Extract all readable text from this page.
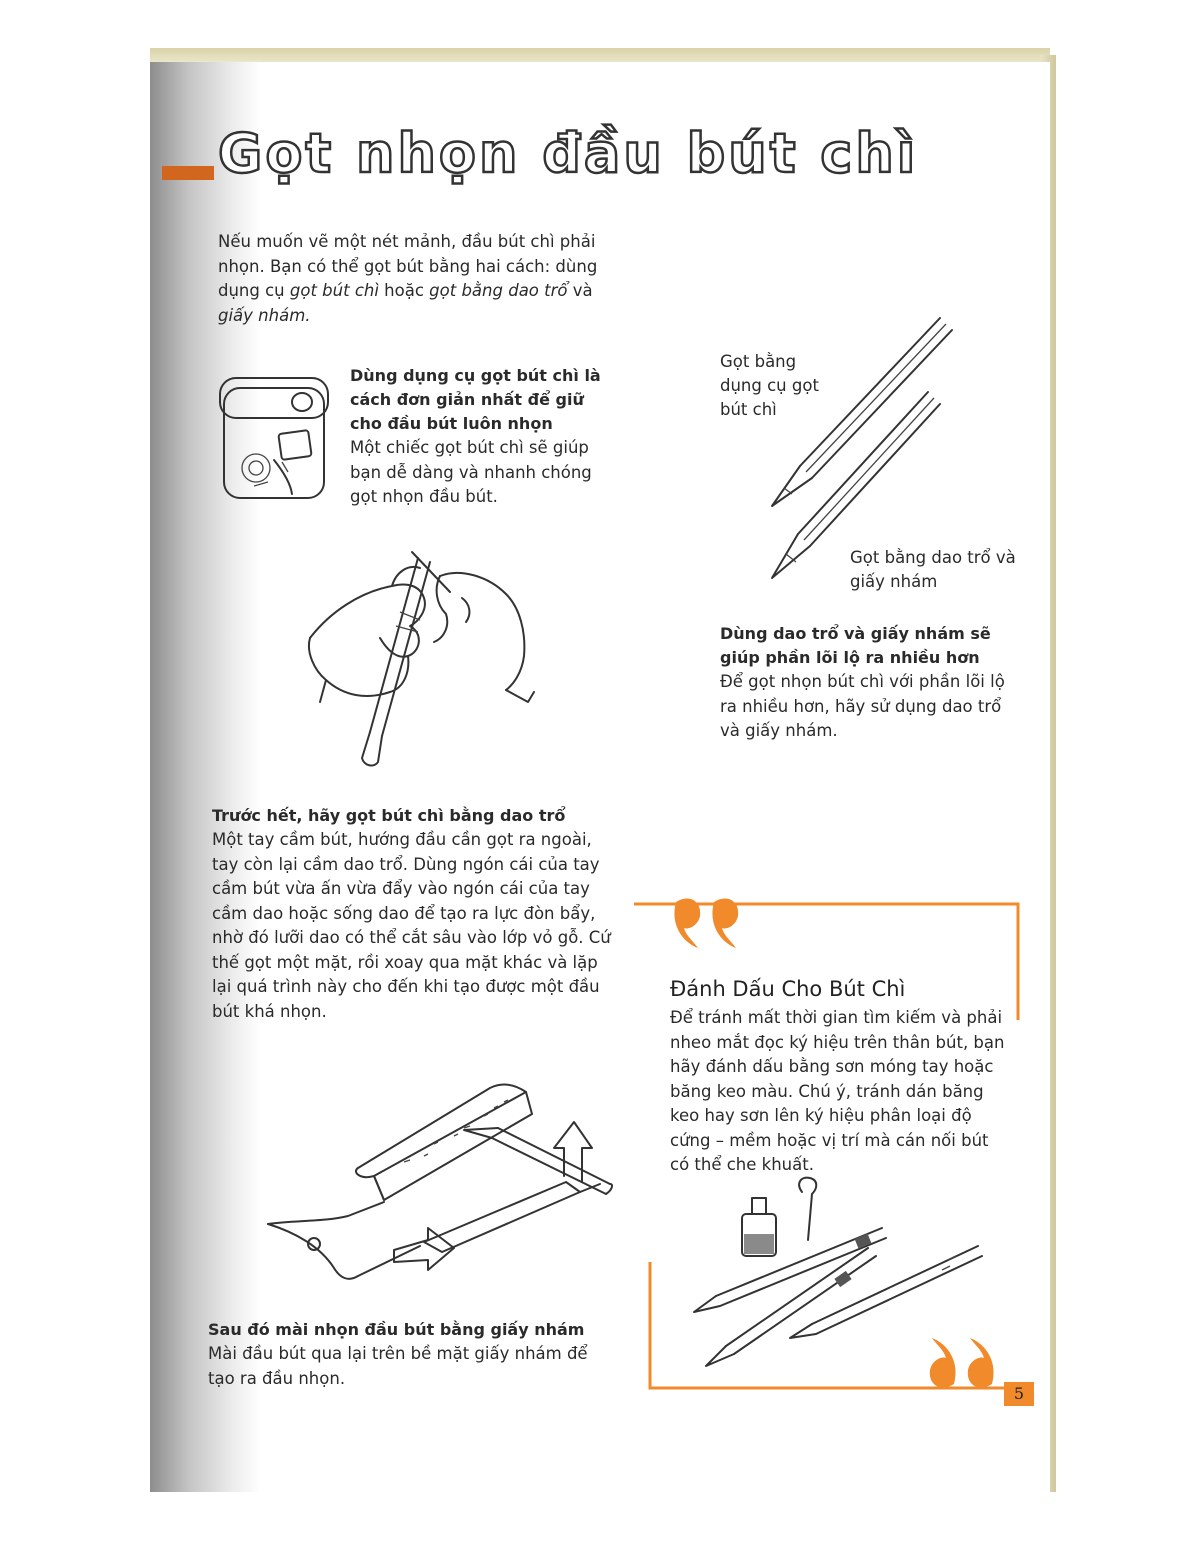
Gọt nhọn đầu bút chì
Nếu muốn vẽ một nét mảnh, đầu bút chì phải nhọn. Bạn có thể gọt bút bằng hai cách: dùng dụng cụ gọt bút chì hoặc gọt bằng dao trổ và giấy nhám.
Dùng dụng cụ gọt bút chì là cách đơn giản nhất để giữ cho đầu bút luôn nhọn
Một chiếc gọt bút chì sẽ giúp bạn dễ dàng và nhanh chóng gọt nhọn đầu bút.
Gọt bằng dụng cụ gọt bút chì
Gọt bằng dao trổ và giấy nhám
Dùng dao trổ và giấy nhám sẽ giúp phần lõi lộ ra nhiều hơn
Để gọt nhọn bút chì với phần lõi lộ ra nhiều hơn, hãy sử dụng dao trổ và giấy nhám.
Trước hết, hãy gọt bút chì bằng dao trổ
Một tay cầm bút, hướng đầu cần gọt ra ngoài, tay còn lại cầm dao trổ. Dùng ngón cái của tay cầm bút vừa ấn vừa đẩy vào ngón cái của tay cầm dao hoặc sống dao để tạo ra lực đòn bẩy, nhờ đó lưỡi dao có thể cắt sâu vào lớp vỏ gỗ. Cứ thế gọt một mặt, rồi xoay qua mặt khác và lặp lại quá trình này cho đến khi tạo được một đầu bút khá nhọn.
Sau đó mài nhọn đầu bút bằng giấy nhám
Mài đầu bút qua lại trên bề mặt giấy nhám để tạo ra đầu nhọn.
Đánh Dấu Cho Bút Chì
Để tránh mất thời gian tìm kiếm và phải nheo mắt đọc ký hiệu trên thân bút, bạn hãy đánh dấu bằng sơn móng tay hoặc băng keo màu. Chú ý, tránh dán băng keo hay sơn lên ký hiệu phân loại độ cứng – mềm hoặc vị trí mà cán nối bút có thể che khuất.
5
